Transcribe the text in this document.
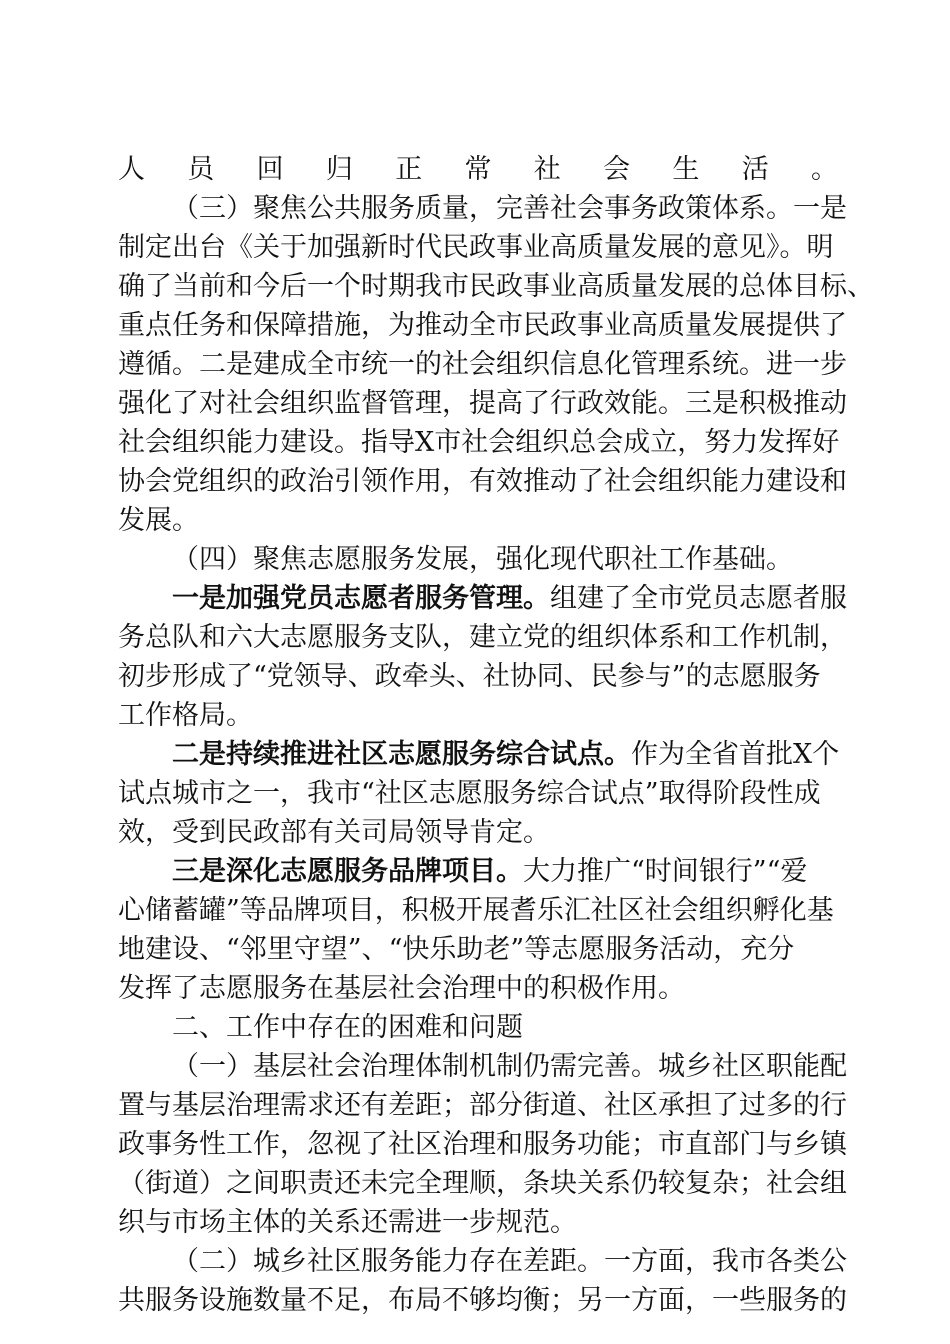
人员回归正常社会生活。
（三）聚焦公共服务质量，完善社会事务政策体系。一是
制定出台《关于加强新时代民政事业高质量发展的意见》。明
确了当前和今后一个时期我市民政事业高质量发展的总体目标、
重点任务和保障措施，为推动全市民政事业高质量发展提供了
遵循。二是建成全市统一的社会组织信息化管理系统。进一步
强化了对社会组织监督管理，提高了行政效能。三是积极推动
社会组织能力建设。指导X市社会组织总会成立，努力发挥好
协会党组织的政治引领作用，有效推动了社会组织能力建设和
发展。
（四）聚焦志愿服务发展，强化现代职社工作基础。
一是加强党员志愿者服务管理。组建了全市党员志愿者服
务总队和六大志愿服务支队，建立党的组织体系和工作机制，
初步形成了“党领导、政牵头、社协同、民参与”的志愿服务
工作格局。
二是持续推进社区志愿服务综合试点。作为全省首批X个
试点城市之一，我市“社区志愿服务综合试点”取得阶段性成
效，受到民政部有关司局领导肯定。
三是深化志愿服务品牌项目。大力推广“时间银行”“爱
心储蓄罐”等品牌项目，积极开展耆乐汇社区社会组织孵化基
地建设、“邻里守望”、“快乐助老”等志愿服务活动，充分
发挥了志愿服务在基层社会治理中的积极作用。
二、工作中存在的困难和问题
（一）基层社会治理体制机制仍需完善。城乡社区职能配
置与基层治理需求还有差距；部分街道、社区承担了过多的行
政事务性工作，忽视了社区治理和服务功能；市直部门与乡镇
（街道）之间职责还未完全理顺，条块关系仍较复杂；社会组
织与市场主体的关系还需进一步规范。
（二）城乡社区服务能力存在差距。一方面，我市各类公
共服务设施数量不足，布局不够均衡；另一方面，一些服务的
